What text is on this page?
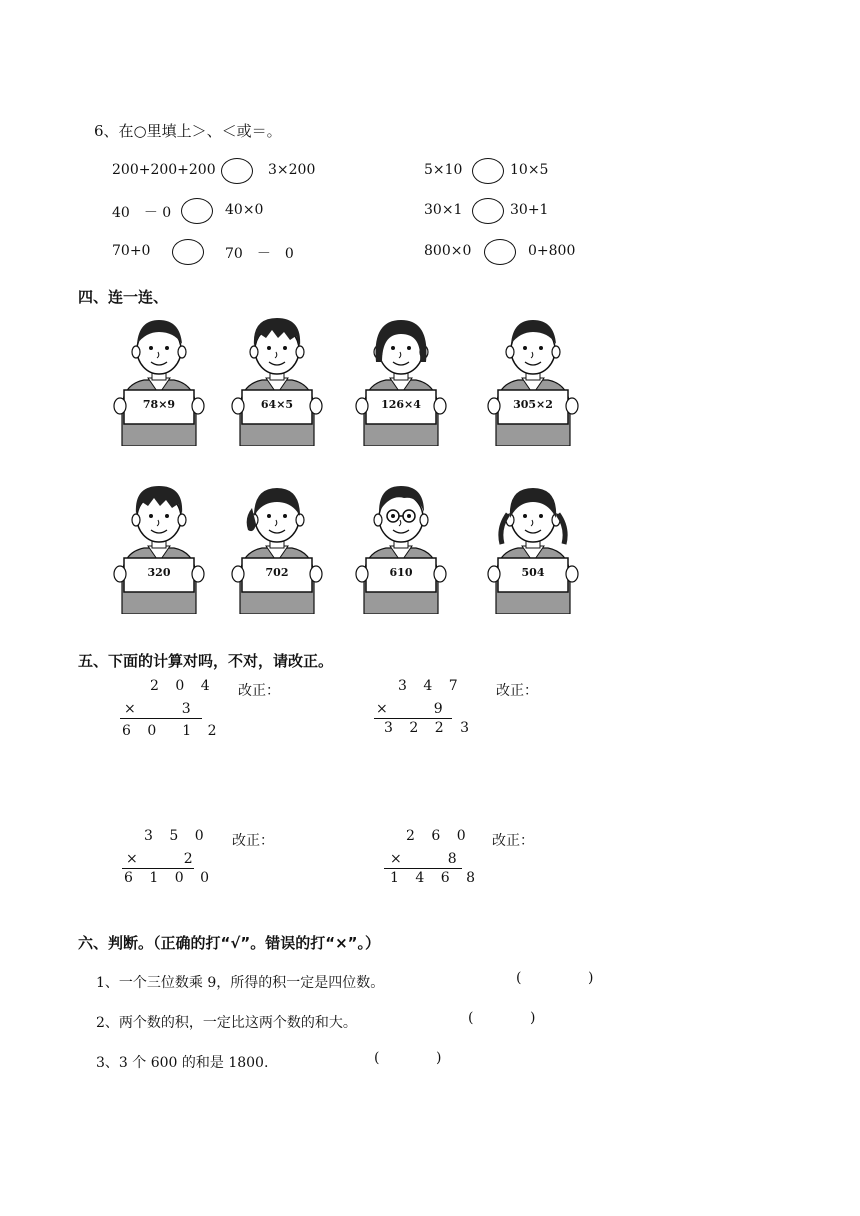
6、在○里填上＞、＜或＝。
200+200+200	3×200	5×10	10×5
40　－ 0	40×0	30×1	30+1
70+0	70　－　0	800×0	0+800
四、连一连、
78×9	64×5	126×4	305×2
320	702	610	504
五、下面的计算对吗，不对，请改正。
2 0 4
×　　3
6 0　1 2
改正：	3 4 7
×　　9
3 2 2 3
改正：
3 5 0
×　　2
6 1 0 0
改正：	2 6 0
×　　8
1 4 6 8
改正：
六、判断。（正确的打“√”。错误的打“×”。）
1、一个三位数乘 9，所得的积一定是四位数。	(	)
2、两个数的积，一定比这两个数的和大。	(	)
3、3 个 600 的和是 1800.	(	)
